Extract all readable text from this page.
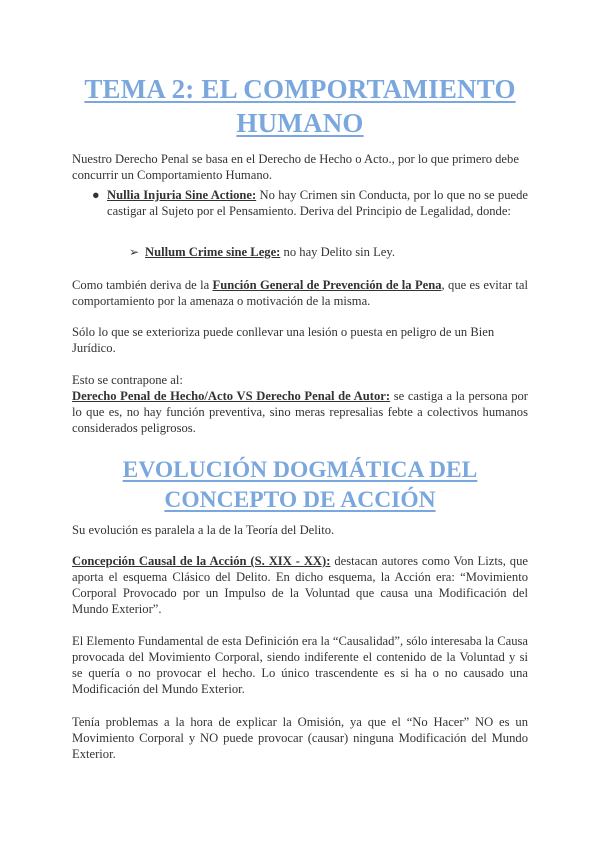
TEMA 2: EL COMPORTAMIENTO HUMANO

Nuestro Derecho Penal se basa en el Derecho de Hecho o Acto., por lo que primero debe concurrir un Comportamiento Humano.

● Nullia Injuria Sine Actione: No hay Crimen sin Conducta, por lo que no se puede castigar al Sujeto por el Pensamiento. Deriva del Principio de Legalidad, donde:

➢ Nullum Crime sine Lege: no hay Delito sin Ley.

Como también deriva de la Función General de Prevención de la Pena, que es evitar tal comportamiento por la amenaza o motivación de la misma.

Sólo lo que se exterioriza puede conllevar una lesión o puesta en peligro de un Bien Jurídico.

Esto se contrapone al:

Derecho Penal de Hecho/Acto VS Derecho Penal de Autor: se castiga a la persona por lo que es, no hay función preventiva, sino meras represalias febte a colectivos humanos considerados peligrosos.

EVOLUCIÓN DOGMÁTICA DEL CONCEPTO DE ACCIÓN

Su evolución es paralela a la de la Teoría del Delito.

Concepción Causal de la Acción (S. XIX - XX): destacan autores como Von Lizts, que aporta el esquema Clásico del Delito. En dicho esquema, la Acción era: “Movimiento Corporal Provocado por un Impulso de la Voluntad que causa una Modificación del Mundo Exterior”.

El Elemento Fundamental de esta Definición era la “Causalidad”, sólo interesaba la Causa provocada del Movimiento Corporal, siendo indiferente el contenido de la Voluntad y si se quería o no provocar el hecho. Lo único trascendente es si ha o no causado una Modificación del Mundo Exterior.

Tenía problemas a la hora de explicar la Omisión, ya que el “No Hacer” NO es un Movimiento Corporal y NO puede provocar (causar) ninguna Modificación del Mundo Exterior.
